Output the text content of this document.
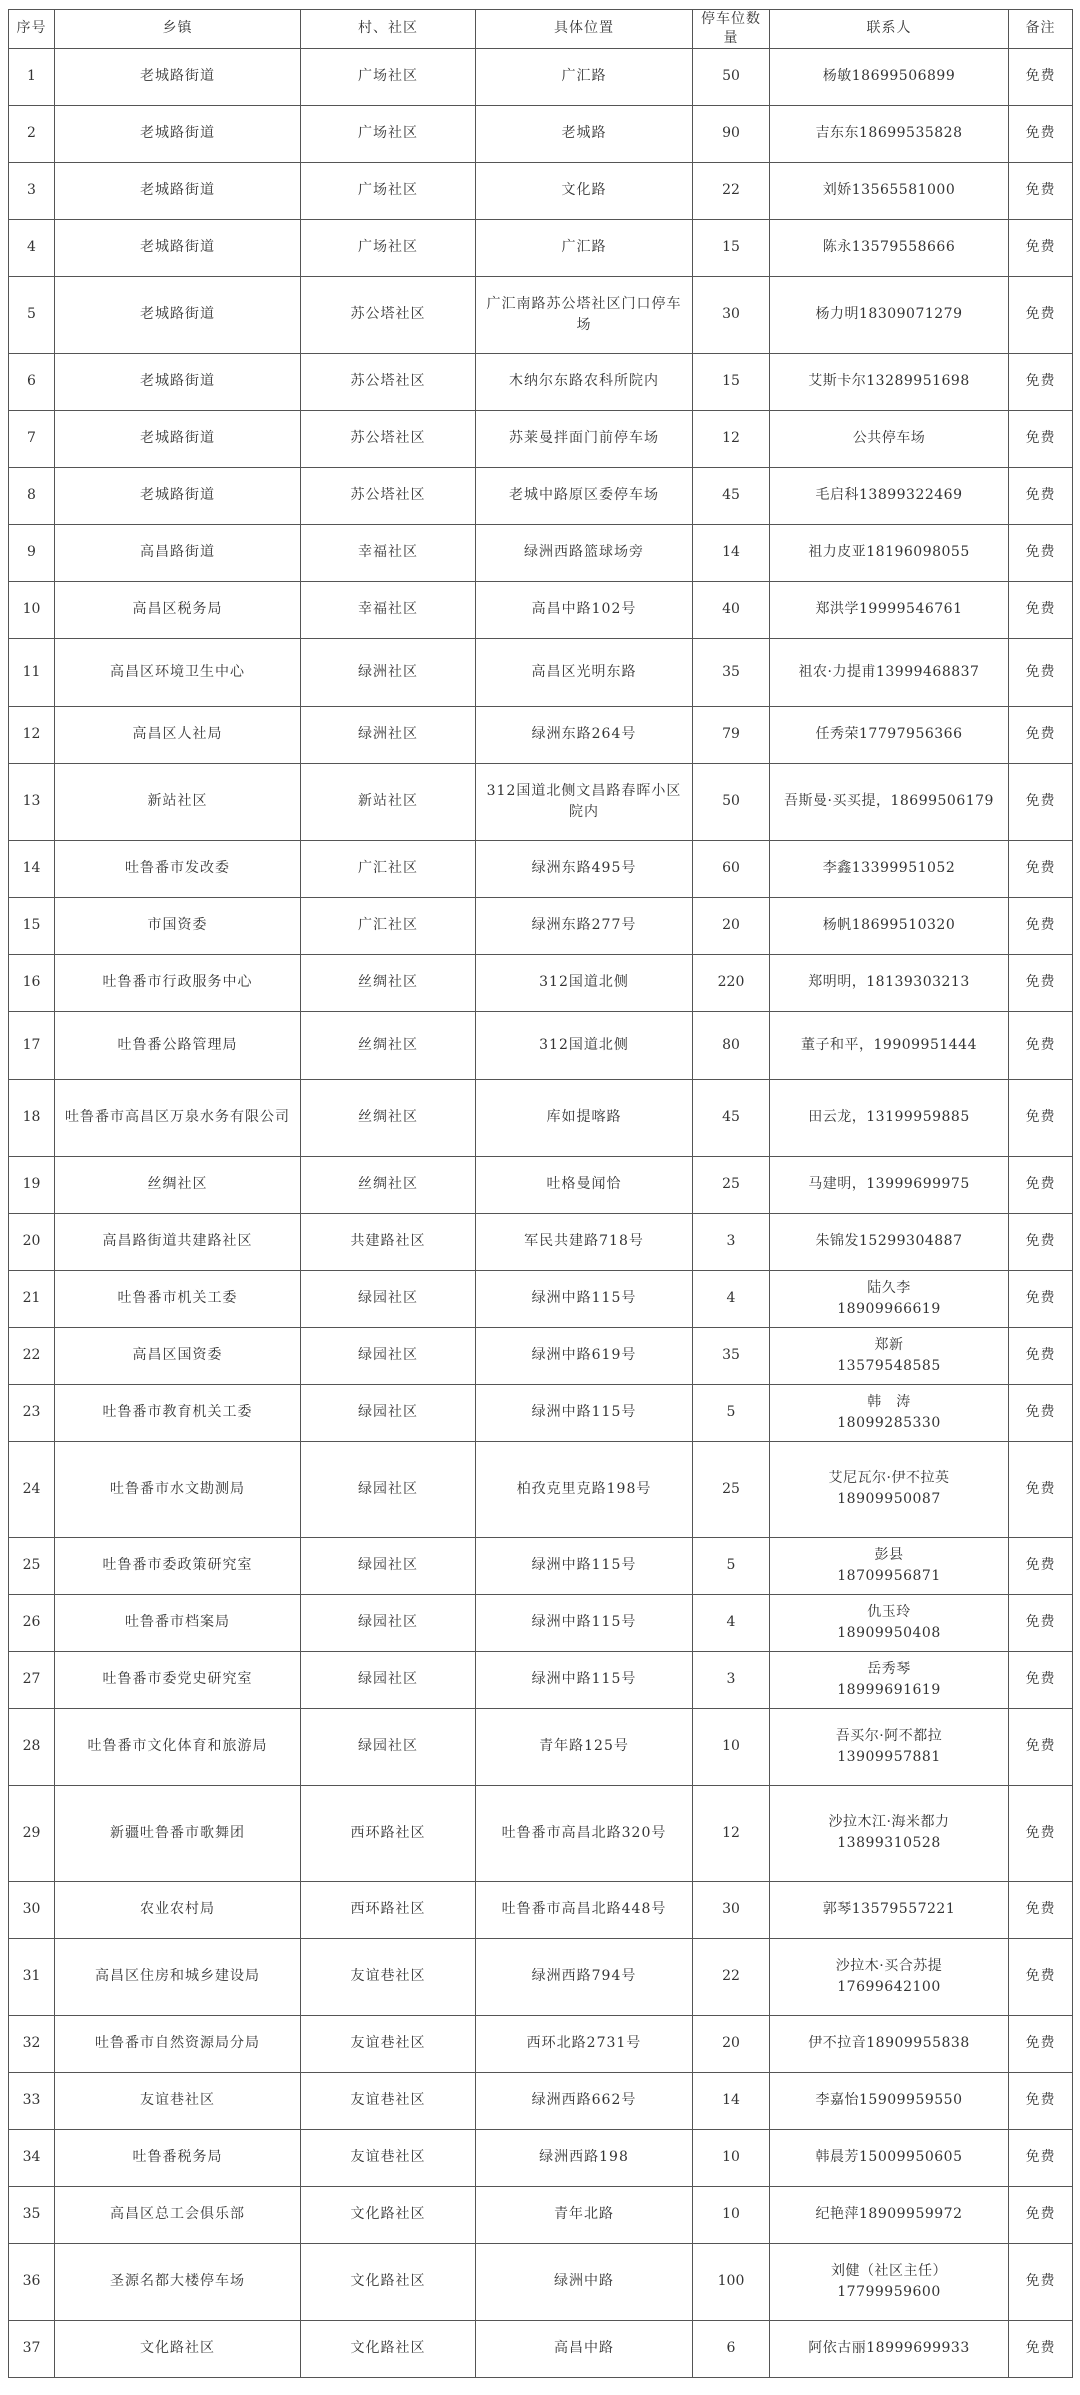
序号	乡镇	村、社区	具体位置	停车位数量	联系人	备注
1	老城路街道	广场社区	广汇路	50	杨敏18699506899	免费
2	老城路街道	广场社区	老城路	90	吉东东18699535828	免费
3	老城路街道	广场社区	文化路	22	刘娇13565581000	免费
4	老城路街道	广场社区	广汇路	15	陈永13579558666	免费
5	老城路街道	苏公塔社区	广汇南路苏公塔社区门口停车场	30	杨力明18309071279	免费
6	老城路街道	苏公塔社区	木纳尔东路农科所院内	15	艾斯卡尔13289951698	免费
7	老城路街道	苏公塔社区	苏莱曼拌面门前停车场	12	公共停车场	免费
8	老城路街道	苏公塔社区	老城中路原区委停车场	45	毛启科13899322469	免费
9	高昌路街道	幸福社区	绿洲西路篮球场旁	14	祖力皮亚18196098055	免费
10	高昌区税务局	幸福社区	高昌中路102号	40	郑洪学19999546761	免费
11	高昌区环境卫生中心	绿洲社区	高昌区光明东路	35	祖农·力提甫13999468837	免费
12	高昌区人社局	绿洲社区	绿洲东路264号	79	任秀荣17797956366	免费
13	新站社区	新站社区	312国道北侧文昌路春晖小区院内	50	吾斯曼·买买提，18699506179	免费
14	吐鲁番市发改委	广汇社区	绿洲东路495号	60	李鑫13399951052	免费
15	市国资委	广汇社区	绿洲东路277号	20	杨帆18699510320	免费
16	吐鲁番市行政服务中心	丝绸社区	312国道北侧	220	郑明明，18139303213	免费
17	吐鲁番公路管理局	丝绸社区	312国道北侧	80	董子和平，19909951444	免费
18	吐鲁番市高昌区万泉水务有限公司	丝绸社区	库如提喀路	45	田云龙，13199959885	免费
19	丝绸社区	丝绸社区	吐格曼闻恰	25	马建明，13999699975	免费
20	高昌路街道共建路社区	共建路社区	军民共建路718号	3	朱锦发15299304887	免费
21	吐鲁番市机关工委	绿园社区	绿洲中路115号	4	陆久李
18909966619	免费
22	高昌区国资委	绿园社区	绿洲中路619号	35	郑新
13579548585	免费
23	吐鲁番市教育机关工委	绿园社区	绿洲中路115号	5	韩　涛
18099285330	免费
24	吐鲁番市水文勘测局	绿园社区	柏孜克里克路198号	25	艾尼瓦尔·伊不拉英
18909950087	免费
25	吐鲁番市委政策研究室	绿园社区	绿洲中路115号	5	彭县
18709956871	免费
26	吐鲁番市档案局	绿园社区	绿洲中路115号	4	仇玉玲
18909950408	免费
27	吐鲁番市委党史研究室	绿园社区	绿洲中路115号	3	岳秀琴
18999691619	免费
28	吐鲁番市文化体育和旅游局	绿园社区	青年路125号	10	吾买尔·阿不都拉
13909957881	免费
29	新疆吐鲁番市歌舞团	西环路社区	吐鲁番市高昌北路320号	12	沙拉木江·海米都力
13899310528	免费
30	农业农村局	西环路社区	吐鲁番市高昌北路448号	30	郭琴13579557221	免费
31	高昌区住房和城乡建设局	友谊巷社区	绿洲西路794号	22	沙拉木·买合苏提
17699642100	免费
32	吐鲁番市自然资源局分局	友谊巷社区	西环北路2731号	20	伊不拉音18909955838	免费
33	友谊巷社区	友谊巷社区	绿洲西路662号	14	李嘉怡15909959550	免费
34	吐鲁番税务局	友谊巷社区	绿洲西路198	10	韩晨芳15009950605	免费
35	高昌区总工会俱乐部	文化路社区	青年北路	10	纪艳萍18909959972	免费
36	圣源名都大楼停车场	文化路社区	绿洲中路	100	刘健（社区主任）
17799959600	免费
37	文化路社区	文化路社区	高昌中路	6	阿依古丽18999699933	免费
